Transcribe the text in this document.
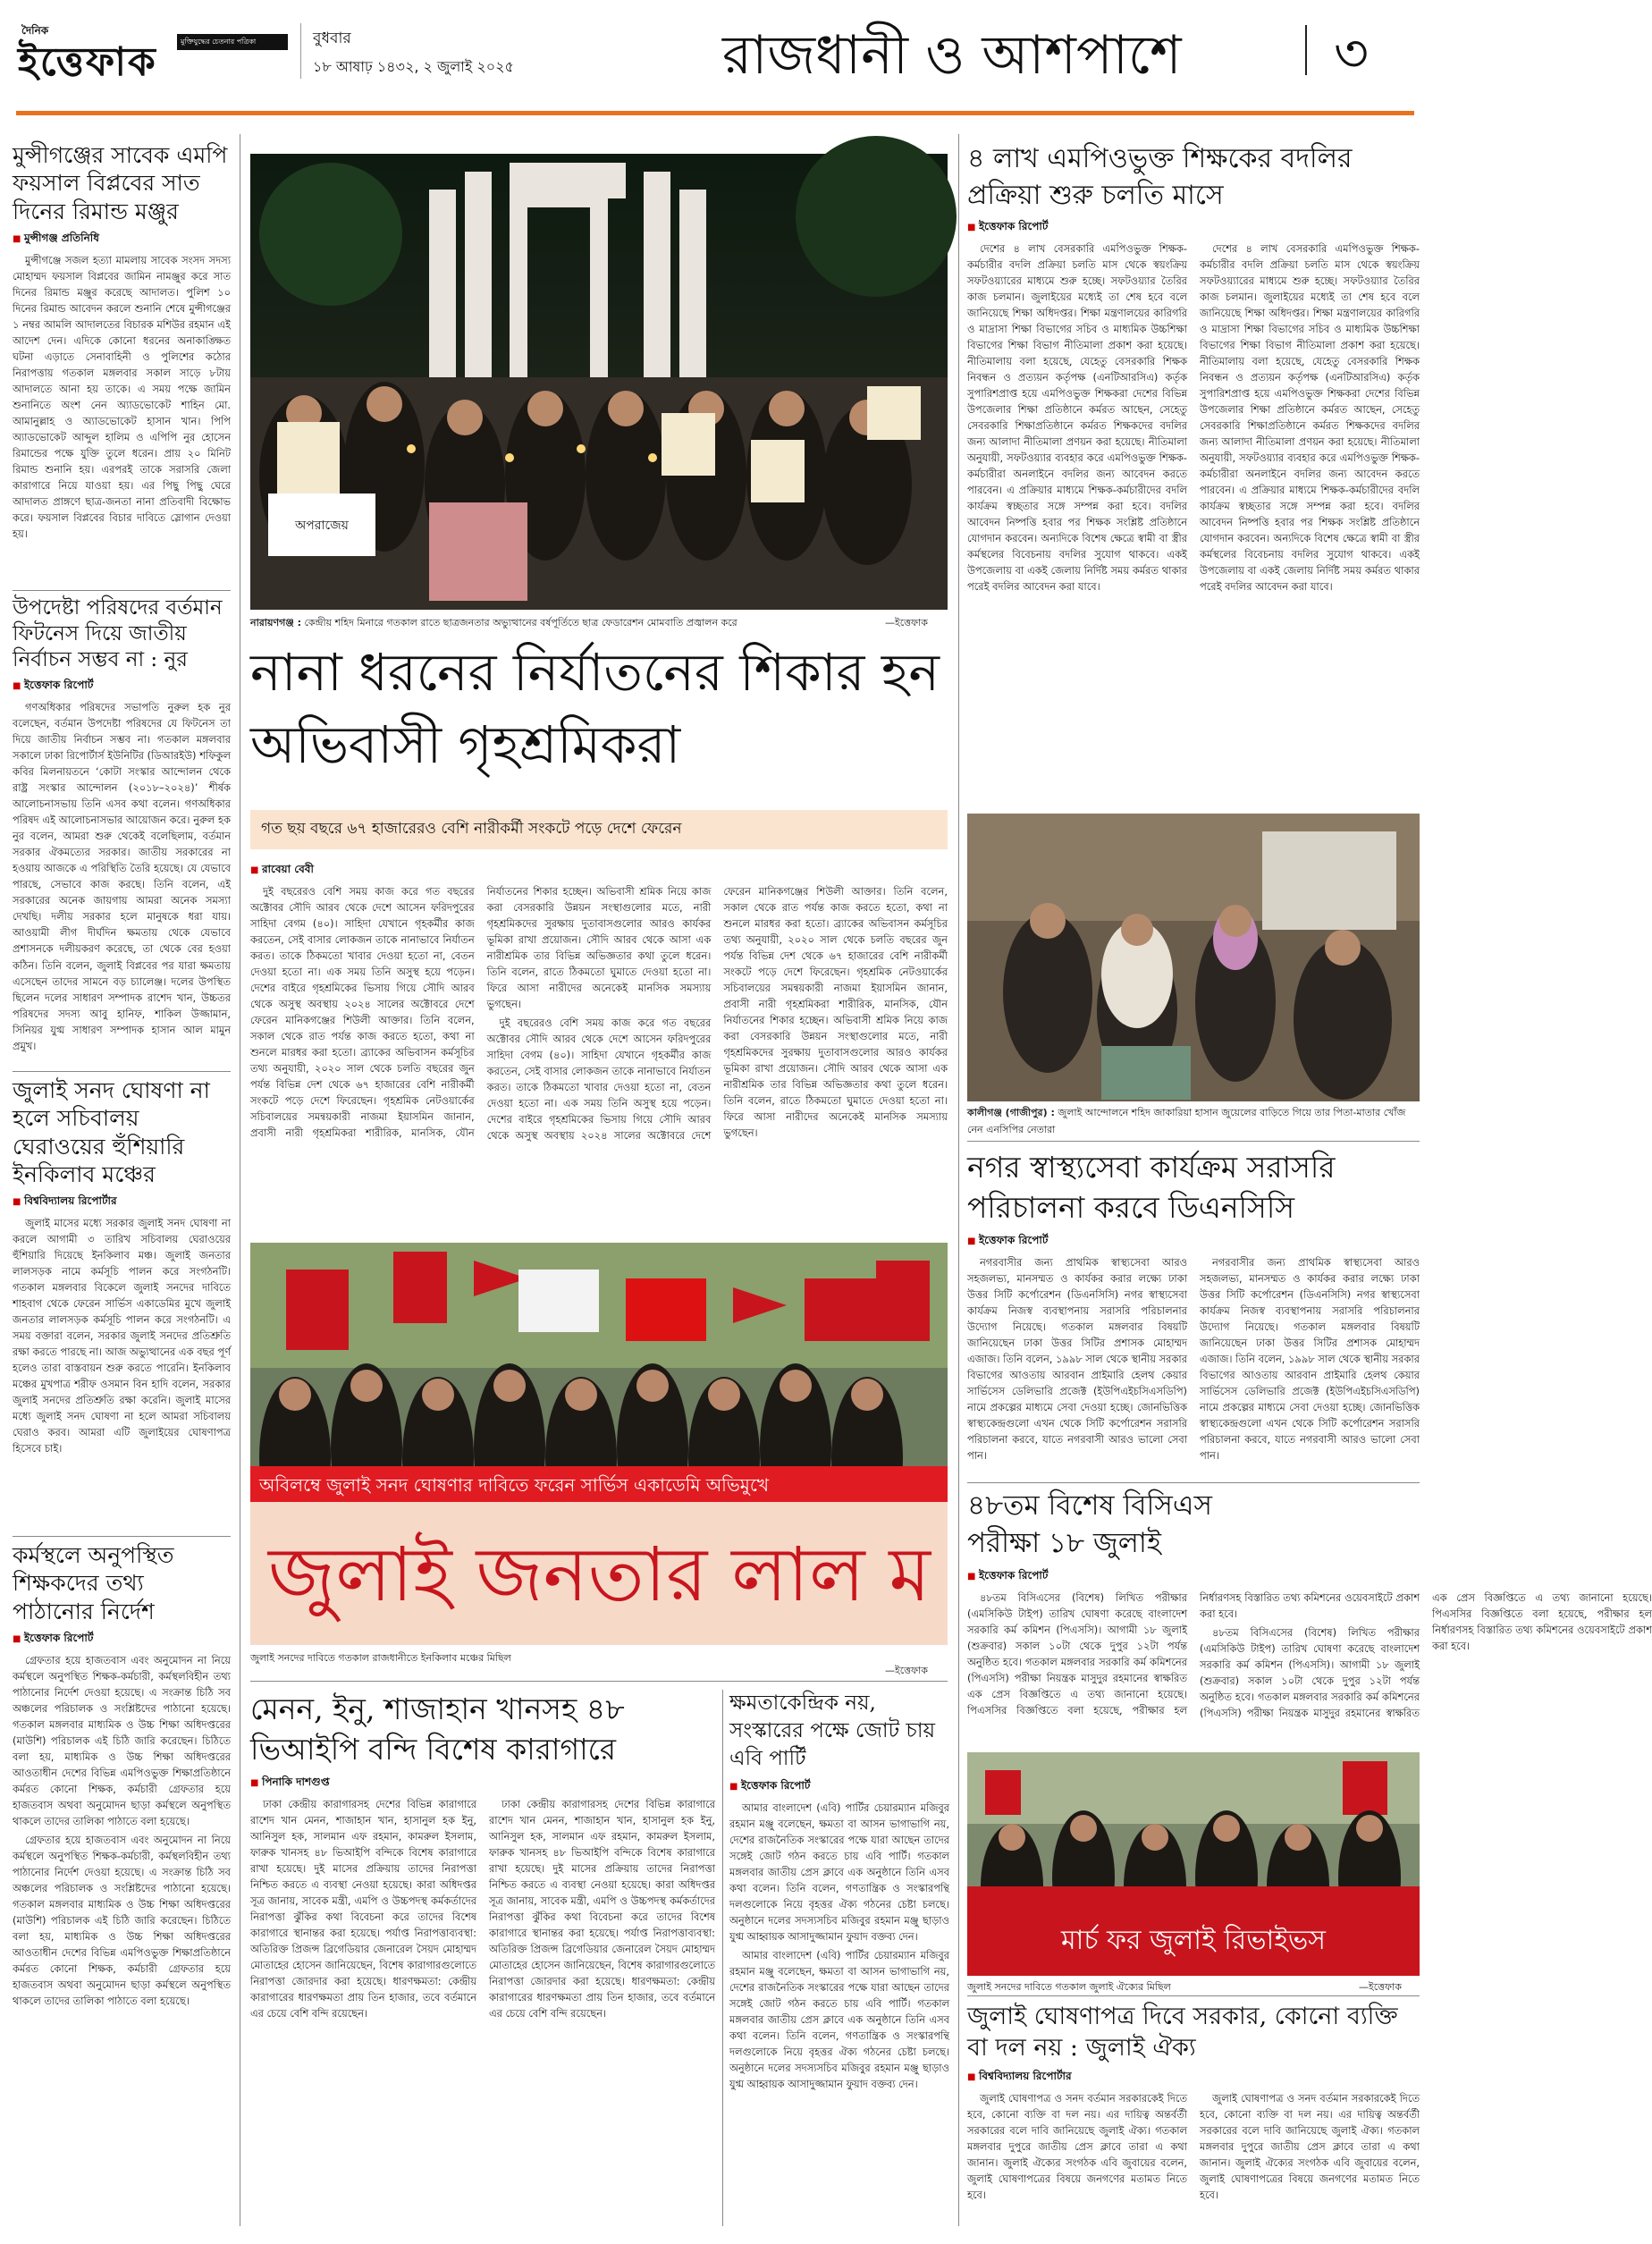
দৈনিক
ইত্তেফাক	মুক্তিযুদ্ধের চেতনার পত্রিকা	বুধবার
১৮ আষাঢ় ১৪৩২, ২ জুলাই ২০২৫	রাজধানী ও আশপাশে	৩
মুন্সীগঞ্জের সাবেক এমপি ফয়সাল বিপ্লবের সাত দিনের রিমান্ড মঞ্জুর
■ মুন্সীগঞ্জ প্রতিনিধি

মুন্সীগঞ্জে সজল হত্যা মামলায় সাবেক সংসদ সদস্য মোহাম্মদ ফয়সাল বিপ্লবের জামিন নামঞ্জুর করে সাত দিনের রিমান্ড মঞ্জুর করেছে আদালত। পুলিশ ১০ দিনের রিমান্ড আবেদন করলে শুনানি শেষে মুন্সীগঞ্জের ১ নম্বর আমলি আদালতের বিচারক মশিউর রহমান এই আদেশ দেন। এদিকে কোনো ধরনের অনাকাঙ্ক্ষিত ঘটনা এড়াতে সেনাবাহিনী ও পুলিশের কঠোর নিরাপত্তায় গতকাল মঙ্গলবার সকাল সাড়ে ৮টায় আদালতে আনা হয় তাকে। এ সময় পক্ষে জামিন শুনানিতে অংশ নেন অ্যাডভোকেট শাহিন মো. আমানুল্লাহ ও অ্যাডভোকেট হাসান খান। পিপি অ্যাডভোকেট আব্দুল হালিম ও এপিপি নুর হোসেন রিমান্ডের পক্ষে যুক্তি তুলে ধরেন। প্রায় ২০ মিনিট রিমান্ড শুনানি হয়। এরপরই তাকে সরাসরি জেলা কারাগারে নিয়ে যাওয়া হয়। এর পিছু পিছু ঘেরে আদালত প্রাঙ্গণে ছাত্র-জনতা নানা প্রতিবাদী বিক্ষোভ করে। ফয়সাল বিপ্লবের বিচার দাবিতে স্লোগান দেওয়া হয়।

উপদেষ্টা পরিষদের বর্তমান ফিটনেস দিয়ে জাতীয় নির্বাচন সম্ভব না : নুর
■ ইত্তেফাক রিপোর্ট

গণঅধিকার পরিষদের সভাপতি নুরুল হক নুর বলেছেন, বর্তমান উপদেষ্টা পরিষদের যে ফিটনেস তা দিয়ে জাতীয় নির্বাচন সম্ভব না। গতকাল মঙ্গলবার সকালে ঢাকা রিপোর্টার্স ইউনিটির (ডিআরইউ) শফিকুল কবির মিলনায়তনে ‘কোটা সংস্কার আন্দোলন থেকে রাষ্ট্র সংস্কার আন্দোলন (২০১৮–২০২৪)’ শীর্ষক আলোচনাসভায় তিনি এসব কথা বলেন। গণঅধিকার পরিষদ এই আলোচনাসভার আয়োজন করে। নুরুল হক নুর বলেন, আমরা শুরু থেকেই বলেছিলাম, বর্তমান সরকার ঐকমত্যের সরকার। জাতীয় সরকারের না হওয়ায় আজকে এ পরিস্থিতি তৈরি হয়েছে। যে যেভাবে পারছে, সেভাবে কাজ করছে। তিনি বলেন, এই সরকারের অনেক জায়গায় আমরা অনেক সমস্যা দেখছি। দলীয় সরকার হলে মানুষকে ধরা যায়। আওয়ামী লীগ দীর্ঘদিন ক্ষমতায় থেকে যেভাবে প্রশাসনকে দলীয়করণ করেছে, তা থেকে বের হওয়া কঠিন। তিনি বলেন, জুলাই বিপ্লবের পর যারা ক্ষমতায় এসেছেন তাদের সামনে বড় চ্যালেঞ্জ। দলের উপস্থিত ছিলেন দলের সাধারণ সম্পাদক রাশেদ খান, উচ্চতর পরিষদের সদস্য আবু হানিফ, শাকিল উজ্জামান, সিনিয়র যুগ্ম সাধারণ সম্পাদক হাসান আল মামুন প্রমুখ।

জুলাই সনদ ঘোষণা না হলে সচিবালয় ঘেরাওয়ের হুঁশিয়ারি ইনকিলাব মঞ্চের
■ বিশ্ববিদ্যালয় রিপোর্টার

জুলাই মাসের মধ্যে সরকার জুলাই সনদ ঘোষণা না করলে আগামী ৩ তারিখ সচিবালয় ঘেরাওয়ের হুঁশিয়ারি দিয়েছে ইনকিলাব মঞ্চ। জুলাই জনতার লালসড়ক নামে কর্মসূচি পালন করে সংগঠনটি। গতকাল মঙ্গলবার বিকেলে জুলাই সনদের দাবিতে শাহবাগ থেকে ফেরেন সার্ভিস একাডেমির মুখে জুলাই জনতার লালসড়ক কর্মসূচি পালন করে সংগঠনটি। এ সময় বক্তারা বলেন, সরকার জুলাই সনদের প্রতিশ্রুতি রক্ষা করতে পারছে না। আজ অভ্যুত্থানের এক বছর পূর্ণ হলেও তারা বাস্তবায়ন শুরু করতে পারেনি। ইনকিলাব মঞ্চের মুখপাত্র শরীফ ওসমান বিন হাদি বলেন, সরকার জুলাই সনদের প্রতিশ্রুতি রক্ষা করেনি। জুলাই মাসের মধ্যে জুলাই সনদ ঘোষণা না হলে আমরা সচিবালয় ঘেরাও করব। আমরা এটি জুলাইয়ের ঘোষণাপত্র হিসেবে চাই।

কর্মস্থলে অনুপস্থিত শিক্ষকদের তথ্য পাঠানোর নির্দেশ
■ ইত্তেফাক রিপোর্ট

গ্রেফতার হয়ে হাজতবাস এবং অনুমোদন না নিয়ে কর্মস্থলে অনুপস্থিত শিক্ষক-কর্মচারী, কর্মস্থলবিহীন তথ্য পাঠানোর নির্দেশ দেওয়া হয়েছে। এ সংক্রান্ত চিঠি সব অঞ্চলের পরিচালক ও সংশ্লিষ্টদের পাঠানো হয়েছে। গতকাল মঙ্গলবার মাধ্যমিক ও উচ্চ শিক্ষা অধিদপ্তরের (মাউশি) পরিচালক এই চিঠি জারি করেছেন। চিঠিতে বলা হয়, মাধ্যমিক ও উচ্চ শিক্ষা অধিদপ্তরের আওতাধীন দেশের বিভিন্ন এমপিওভুক্ত শিক্ষাপ্রতিষ্ঠানে কর্মরত কোনো শিক্ষক, কর্মচারী গ্রেফতার হয়ে হাজতবাস অথবা অনুমোদন ছাড়া কর্মস্থলে অনুপস্থিত থাকলে তাদের তালিকা পাঠাতে বলা হয়েছে।

গ্রেফতার হয়ে হাজতবাস এবং অনুমোদন না নিয়ে কর্মস্থলে অনুপস্থিত শিক্ষক-কর্মচারী, কর্মস্থলবিহীন তথ্য পাঠানোর নির্দেশ দেওয়া হয়েছে। এ সংক্রান্ত চিঠি সব অঞ্চলের পরিচালক ও সংশ্লিষ্টদের পাঠানো হয়েছে। গতকাল মঙ্গলবার মাধ্যমিক ও উচ্চ শিক্ষা অধিদপ্তরের (মাউশি) পরিচালক এই চিঠি জারি করেছেন। চিঠিতে বলা হয়, মাধ্যমিক ও উচ্চ শিক্ষা অধিদপ্তরের আওতাধীন দেশের বিভিন্ন এমপিওভুক্ত শিক্ষাপ্রতিষ্ঠানে কর্মরত কোনো শিক্ষক, কর্মচারী গ্রেফতার হয়ে হাজতবাস অথবা অনুমোদন ছাড়া কর্মস্থলে অনুপস্থিত থাকলে তাদের তালিকা পাঠাতে বলা হয়েছে।

অপরাজেয়
নারায়ণগঞ্জ : কেন্দ্রীয় শহিদ মিনারে গতকাল রাতে ছাত্রজনতার অভ্যুত্থানের বর্ষপূর্তিতে ছাত্র ফেডারেশন মোমবাতি প্রজ্বালন করে	—ইত্তেফাক
নানা ধরনের নির্যাতনের শিকার হন অভিবাসী গৃহশ্রমিকরা
গত ছয় বছরে ৬৭ হাজারেরও বেশি নারীকর্মী সংকটে পড়ে দেশে ফেরেন
■ রাবেয়া বেবী

দুই বছরেরও বেশি সময় কাজ করে গত বছরের অক্টোবর সৌদি আরব থেকে দেশে আসেন ফরিদপুরের সাহিদা বেগম (৪০)। সাহিদা যেখানে গৃহকর্মীর কাজ করতেন, সেই বাসার লোকজন তাকে নানাভাবে নির্যাতন করত। তাকে ঠিকমতো খাবার দেওয়া হতো না, বেতন দেওয়া হতো না। এক সময় তিনি অসুস্থ হয়ে পড়েন। দেশের বাইরে গৃহশ্রমিকের ভিসায় গিয়ে সৌদি আরব থেকে অসুস্থ অবস্থায় ২০২৪ সালের অক্টোবরে দেশে ফেরেন মানিকগঞ্জের শিউলী আক্তার। তিনি বলেন, সকাল থেকে রাত পর্যন্ত কাজ করতে হতো, কথা না শুনলে মারধর করা হতো। ব্র্যাকের অভিবাসন কর্মসূচির তথ্য অনুযায়ী, ২০২০ সাল থেকে চলতি বছরের জুন পর্যন্ত বিভিন্ন দেশ থেকে ৬৭ হাজারের বেশি নারীকর্মী সংকটে পড়ে দেশে ফিরেছেন। গৃহশ্রমিক নেটওয়ার্কের সচিবালয়ের সমন্বয়কারী নাজমা ইয়াসমিন জানান, প্রবাসী নারী গৃহশ্রমিকরা শারীরিক, মানসিক, যৌন নির্যাতনের শিকার হচ্ছেন। অভিবাসী শ্রমিক নিয়ে কাজ করা বেসরকারি উন্নয়ন সংস্থাগুলোর মতে, নারী গৃহশ্রমিকদের সুরক্ষায় দুতাবাসগুলোর আরও কার্যকর ভূমিকা রাখা প্রয়োজন। সৌদি আরব থেকে আসা এক নারীশ্রমিক তার বিভিন্ন অভিজ্ঞতার কথা তুলে ধরেন। তিনি বলেন, রাতে ঠিকমতো ঘুমাতে দেওয়া হতো না। ফিরে আসা নারীদের অনেকেই মানসিক সমস্যায় ভুগছেন।

দুই বছরেরও বেশি সময় কাজ করে গত বছরের অক্টোবর সৌদি আরব থেকে দেশে আসেন ফরিদপুরের সাহিদা বেগম (৪০)। সাহিদা যেখানে গৃহকর্মীর কাজ করতেন, সেই বাসার লোকজন তাকে নানাভাবে নির্যাতন করত। তাকে ঠিকমতো খাবার দেওয়া হতো না, বেতন দেওয়া হতো না। এক সময় তিনি অসুস্থ হয়ে পড়েন। দেশের বাইরে গৃহশ্রমিকের ভিসায় গিয়ে সৌদি আরব থেকে অসুস্থ অবস্থায় ২০২৪ সালের অক্টোবরে দেশে ফেরেন মানিকগঞ্জের শিউলী আক্তার। তিনি বলেন, সকাল থেকে রাত পর্যন্ত কাজ করতে হতো, কথা না শুনলে মারধর করা হতো। ব্র্যাকের অভিবাসন কর্মসূচির তথ্য অনুযায়ী, ২০২০ সাল থেকে চলতি বছরের জুন পর্যন্ত বিভিন্ন দেশ থেকে ৬৭ হাজারের বেশি নারীকর্মী সংকটে পড়ে দেশে ফিরেছেন। গৃহশ্রমিক নেটওয়ার্কের সচিবালয়ের সমন্বয়কারী নাজমা ইয়াসমিন জানান, প্রবাসী নারী গৃহশ্রমিকরা শারীরিক, মানসিক, যৌন নির্যাতনের শিকার হচ্ছেন। অভিবাসী শ্রমিক নিয়ে কাজ করা বেসরকারি উন্নয়ন সংস্থাগুলোর মতে, নারী গৃহশ্রমিকদের সুরক্ষায় দুতাবাসগুলোর আরও কার্যকর ভূমিকা রাখা প্রয়োজন। সৌদি আরব থেকে আসা এক নারীশ্রমিক তার বিভিন্ন অভিজ্ঞতার কথা তুলে ধরেন। তিনি বলেন, রাতে ঠিকমতো ঘুমাতে দেওয়া হতো না। ফিরে আসা নারীদের অনেকেই মানসিক সমস্যায় ভুগছেন।

অবিলম্বে জুলাই সনদ ঘোষণার দাবিতে ফরেন সার্ভিস একাডেমি অভিমুখে
জুলাই জনতার লাল ম
জুলাই সনদের দাবিতে গতকাল রাজধানীতে ইনকিলাব মঞ্চের মিছিল
—ইত্তেফাক
মেনন, ইনু, শাজাহান খানসহ ৪৮ ভিআইপি বন্দি বিশেষ কারাগারে
■ পিনাকি দাশগুপ্ত

ঢাকা কেন্দ্রীয় কারাগারসহ দেশের বিভিন্ন কারাগারে রাশেদ খান মেনন, শাজাহান খান, হাসানুল হক ইনু, আনিসুল হক, সালমান এফ রহমান, কামরুল ইসলাম, ফারুক খানসহ ৪৮ ভিআইপি বন্দিকে বিশেষ কারাগারে রাখা হয়েছে। দুই মাসের প্রক্রিয়ায় তাদের নিরাপত্তা নিশ্চিত করতে এ ব্যবস্থা নেওয়া হয়েছে। কারা অধিদপ্তর সূত্র জানায়, সাবেক মন্ত্রী, এমপি ও উচ্চপদস্থ কর্মকর্তাদের নিরাপত্তা ঝুঁকির কথা বিবেচনা করে তাদের বিশেষ কারাগারে স্থানান্তর করা হয়েছে। পর্যাপ্ত নিরাপত্তাব্যবস্থা: অতিরিক্ত প্রিজন্স ব্রিগেডিয়ার জেনারেল সৈয়দ মোহাম্মদ মোতাহের হোসেন জানিয়েছেন, বিশেষ কারাগারগুলোতে নিরাপত্তা জোরদার করা হয়েছে। ধারণক্ষমতা: কেন্দ্রীয় কারাগারের ধারণক্ষমতা প্রায় তিন হাজার, তবে বর্তমানে এর চেয়ে বেশি বন্দি রয়েছেন।

ঢাকা কেন্দ্রীয় কারাগারসহ দেশের বিভিন্ন কারাগারে রাশেদ খান মেনন, শাজাহান খান, হাসানুল হক ইনু, আনিসুল হক, সালমান এফ রহমান, কামরুল ইসলাম, ফারুক খানসহ ৪৮ ভিআইপি বন্দিকে বিশেষ কারাগারে রাখা হয়েছে। দুই মাসের প্রক্রিয়ায় তাদের নিরাপত্তা নিশ্চিত করতে এ ব্যবস্থা নেওয়া হয়েছে। কারা অধিদপ্তর সূত্র জানায়, সাবেক মন্ত্রী, এমপি ও উচ্চপদস্থ কর্মকর্তাদের নিরাপত্তা ঝুঁকির কথা বিবেচনা করে তাদের বিশেষ কারাগারে স্থানান্তর করা হয়েছে। পর্যাপ্ত নিরাপত্তাব্যবস্থা: অতিরিক্ত প্রিজন্স ব্রিগেডিয়ার জেনারেল সৈয়দ মোহাম্মদ মোতাহের হোসেন জানিয়েছেন, বিশেষ কারাগারগুলোতে নিরাপত্তা জোরদার করা হয়েছে। ধারণক্ষমতা: কেন্দ্রীয় কারাগারের ধারণক্ষমতা প্রায় তিন হাজার, তবে বর্তমানে এর চেয়ে বেশি বন্দি রয়েছেন।

ক্ষমতাকেন্দ্রিক নয়, সংস্কারের পক্ষে জোট চায় এবি পার্টি
■ ইত্তেফাক রিপোর্ট

আমার বাংলাদেশ (এবি) পার্টির চেয়ারম্যান মজিবুর রহমান মঞ্জু বলেছেন, ক্ষমতা বা আসন ভাগাভাগি নয়, দেশের রাজনৈতিক সংস্কারের পক্ষে যারা আছেন তাদের সঙ্গেই জোট গঠন করতে চায় এবি পার্টি। গতকাল মঙ্গলবার জাতীয় প্রেস ক্লাবে এক অনুষ্ঠানে তিনি এসব কথা বলেন। তিনি বলেন, গণতান্ত্রিক ও সংস্কারপন্থি দলগুলোকে নিয়ে বৃহত্তর ঐক্য গঠনের চেষ্টা চলছে। অনুষ্ঠানে দলের সদস্যসচিব মজিবুর রহমান মঞ্জু ছাড়াও যুগ্ম আহ্বায়ক আসাদুজ্জামান ফুয়াদ বক্তব্য দেন।

আমার বাংলাদেশ (এবি) পার্টির চেয়ারম্যান মজিবুর রহমান মঞ্জু বলেছেন, ক্ষমতা বা আসন ভাগাভাগি নয়, দেশের রাজনৈতিক সংস্কারের পক্ষে যারা আছেন তাদের সঙ্গেই জোট গঠন করতে চায় এবি পার্টি। গতকাল মঙ্গলবার জাতীয় প্রেস ক্লাবে এক অনুষ্ঠানে তিনি এসব কথা বলেন। তিনি বলেন, গণতান্ত্রিক ও সংস্কারপন্থি দলগুলোকে নিয়ে বৃহত্তর ঐক্য গঠনের চেষ্টা চলছে। অনুষ্ঠানে দলের সদস্যসচিব মজিবুর রহমান মঞ্জু ছাড়াও যুগ্ম আহ্বায়ক আসাদুজ্জামান ফুয়াদ বক্তব্য দেন।

৪ লাখ এমপিওভুক্ত শিক্ষকের বদলির প্রক্রিয়া শুরু চলতি মাসে
■ ইত্তেফাক রিপোর্ট

দেশের ৪ লাখ বেসরকারি এমপিওভুক্ত শিক্ষক-কর্মচারীর বদলি প্রক্রিয়া চলতি মাস থেকে স্বয়ংক্রিয় সফটওয়্যারের মাধ্যমে শুরু হচ্ছে। সফটওয়্যার তৈরির কাজ চলমান। জুলাইয়ের মধ্যেই তা শেষ হবে বলে জানিয়েছে শিক্ষা অধিদপ্তর। শিক্ষা মন্ত্রণালয়ের কারিগরি ও মাদ্রাসা শিক্ষা বিভাগের সচিব ও মাধ্যমিক উচ্চশিক্ষা বিভাগের শিক্ষা বিভাগ নীতিমালা প্রকাশ করা হয়েছে। নীতিমালায় বলা হয়েছে, যেহেতু বেসরকারি শিক্ষক নিবন্ধন ও প্রত্যয়ন কর্তৃপক্ষ (এনটিআরসিএ) কর্তৃক সুপারিশপ্রাপ্ত হয়ে এমপিওভুক্ত শিক্ষকরা দেশের বিভিন্ন উপজেলার শিক্ষা প্রতিষ্ঠানে কর্মরত আছেন, সেহেতু সেবরকারি শিক্ষাপ্রতিষ্ঠানে কর্মরত শিক্ষকদের বদলির জন্য আলাদা নীতিমালা প্রণয়ন করা হয়েছে। নীতিমালা অনুযায়ী, সফটওয়্যার ব্যবহার করে এমপিওভুক্ত শিক্ষক-কর্মচারীরা অনলাইনে বদলির জন্য আবেদন করতে পারবেন। এ প্রক্রিয়ার মাধ্যমে শিক্ষক-কর্মচারীদের বদলি কার্যক্রম স্বচ্ছতার সঙ্গে সম্পন্ন করা হবে। বদলির আবেদন নিষ্পত্তি হবার পর শিক্ষক সংশ্লিষ্ট প্রতিষ্ঠানে যোগদান করবেন। অন্যদিকে বিশেষ ক্ষেত্রে স্বামী বা স্ত্রীর কর্মস্থলের বিবেচনায় বদলির সুযোগ থাকবে। একই উপজেলায় বা একই জেলায় নির্দিষ্ট সময় কর্মরত থাকার পরেই বদলির আবেদন করা যাবে।

দেশের ৪ লাখ বেসরকারি এমপিওভুক্ত শিক্ষক-কর্মচারীর বদলি প্রক্রিয়া চলতি মাস থেকে স্বয়ংক্রিয় সফটওয়্যারের মাধ্যমে শুরু হচ্ছে। সফটওয়্যার তৈরির কাজ চলমান। জুলাইয়ের মধ্যেই তা শেষ হবে বলে জানিয়েছে শিক্ষা অধিদপ্তর। শিক্ষা মন্ত্রণালয়ের কারিগরি ও মাদ্রাসা শিক্ষা বিভাগের সচিব ও মাধ্যমিক উচ্চশিক্ষা বিভাগের শিক্ষা বিভাগ নীতিমালা প্রকাশ করা হয়েছে। নীতিমালায় বলা হয়েছে, যেহেতু বেসরকারি শিক্ষক নিবন্ধন ও প্রত্যয়ন কর্তৃপক্ষ (এনটিআরসিএ) কর্তৃক সুপারিশপ্রাপ্ত হয়ে এমপিওভুক্ত শিক্ষকরা দেশের বিভিন্ন উপজেলার শিক্ষা প্রতিষ্ঠানে কর্মরত আছেন, সেহেতু সেবরকারি শিক্ষাপ্রতিষ্ঠানে কর্মরত শিক্ষকদের বদলির জন্য আলাদা নীতিমালা প্রণয়ন করা হয়েছে। নীতিমালা অনুযায়ী, সফটওয়্যার ব্যবহার করে এমপিওভুক্ত শিক্ষক-কর্মচারীরা অনলাইনে বদলির জন্য আবেদন করতে পারবেন। এ প্রক্রিয়ার মাধ্যমে শিক্ষক-কর্মচারীদের বদলি কার্যক্রম স্বচ্ছতার সঙ্গে সম্পন্ন করা হবে। বদলির আবেদন নিষ্পত্তি হবার পর শিক্ষক সংশ্লিষ্ট প্রতিষ্ঠানে যোগদান করবেন। অন্যদিকে বিশেষ ক্ষেত্রে স্বামী বা স্ত্রীর কর্মস্থলের বিবেচনায় বদলির সুযোগ থাকবে। একই উপজেলায় বা একই জেলায় নির্দিষ্ট সময় কর্মরত থাকার পরেই বদলির আবেদন করা যাবে।

কালীগঞ্জ (গাজীপুর) : জুলাই আন্দোলনে শহিদ জাকারিয়া হাসান জুয়েলের বাড়িতে গিয়ে তার পিতা-মাতার খোঁজ নেন এনসিপির নেতারা
নগর স্বাস্থ্যসেবা কার্যক্রম সরাসরি পরিচালনা করবে ডিএনসিসি
■ ইত্তেফাক রিপোর্ট

নগরবাসীর জন্য প্রাথমিক স্বাস্থ্যসেবা আরও সহজলভ্য, মানসম্মত ও কার্যকর করার লক্ষ্যে ঢাকা উত্তর সিটি কর্পোরেশন (ডিএনসিসি) নগর স্বাস্থ্যসেবা কার্যক্রম নিজস্ব ব্যবস্থাপনায় সরাসরি পরিচালনার উদ্যোগ নিয়েছে। গতকাল মঙ্গলবার বিষয়টি জানিয়েছেন ঢাকা উত্তর সিটির প্রশাসক মোহাম্মদ এজাজ। তিনি বলেন, ১৯৯৮ সাল থেকে স্থানীয় সরকার বিভাগের আওতায় আরবান প্রাইমারি হেলথ কেয়ার সার্ভিসেস ডেলিভারি প্রজেক্ট (ইউপিএইচসিএসডিপি) নামে প্রকল্পের মাধ্যমে সেবা দেওয়া হচ্ছে। জোনভিত্তিক স্বাস্থ্যকেন্দ্রগুলো এখন থেকে সিটি কর্পোরেশন সরাসরি পরিচালনা করবে, যাতে নগরবাসী আরও ভালো সেবা পান।

নগরবাসীর জন্য প্রাথমিক স্বাস্থ্যসেবা আরও সহজলভ্য, মানসম্মত ও কার্যকর করার লক্ষ্যে ঢাকা উত্তর সিটি কর্পোরেশন (ডিএনসিসি) নগর স্বাস্থ্যসেবা কার্যক্রম নিজস্ব ব্যবস্থাপনায় সরাসরি পরিচালনার উদ্যোগ নিয়েছে। গতকাল মঙ্গলবার বিষয়টি জানিয়েছেন ঢাকা উত্তর সিটির প্রশাসক মোহাম্মদ এজাজ। তিনি বলেন, ১৯৯৮ সাল থেকে স্থানীয় সরকার বিভাগের আওতায় আরবান প্রাইমারি হেলথ কেয়ার সার্ভিসেস ডেলিভারি প্রজেক্ট (ইউপিএইচসিএসডিপি) নামে প্রকল্পের মাধ্যমে সেবা দেওয়া হচ্ছে। জোনভিত্তিক স্বাস্থ্যকেন্দ্রগুলো এখন থেকে সিটি কর্পোরেশন সরাসরি পরিচালনা করবে, যাতে নগরবাসী আরও ভালো সেবা পান।

৪৮তম বিশেষ বিসিএস পরীক্ষা ১৮ জুলাই
■ ইত্তেফাক রিপোর্ট

৪৮তম বিসিএসের (বিশেষ) লিখিত পরীক্ষার (এমসিকিউ টাইপ) তারিখ ঘোষণা করেছে বাংলাদেশ সরকারি কর্ম কমিশন (পিএসসি)। আগামী ১৮ জুলাই (শুক্রবার) সকাল ১০টা থেকে দুপুর ১২টা পর্যন্ত অনুষ্ঠিত হবে। গতকাল মঙ্গলবার সরকারি কর্ম কমিশনের (পিএসসি) পরীক্ষা নিয়ন্ত্রক মাসুদুর রহমানের স্বাক্ষরিত এক প্রেস বিজ্ঞপ্তিতে এ তথ্য জানানো হয়েছে। পিএসসির বিজ্ঞপ্তিতে বলা হয়েছে, পরীক্ষার হল নির্ধারণসহ বিস্তারিত তথ্য কমিশনের ওয়েবসাইটে প্রকাশ করা হবে।

৪৮তম বিসিএসের (বিশেষ) লিখিত পরীক্ষার (এমসিকিউ টাইপ) তারিখ ঘোষণা করেছে বাংলাদেশ সরকারি কর্ম কমিশন (পিএসসি)। আগামী ১৮ জুলাই (শুক্রবার) সকাল ১০টা থেকে দুপুর ১২টা পর্যন্ত অনুষ্ঠিত হবে। গতকাল মঙ্গলবার সরকারি কর্ম কমিশনের (পিএসসি) পরীক্ষা নিয়ন্ত্রক মাসুদুর রহমানের স্বাক্ষরিত এক প্রেস বিজ্ঞপ্তিতে এ তথ্য জানানো হয়েছে। পিএসসির বিজ্ঞপ্তিতে বলা হয়েছে, পরীক্ষার হল নির্ধারণসহ বিস্তারিত তথ্য কমিশনের ওয়েবসাইটে প্রকাশ করা হবে।

মার্চ ফর জুলাই রিভাইভস
জুলাই সনদের দাবিতে গতকাল জুলাই ঐক্যের মিছিল	—ইত্তেফাক
জুলাই ঘোষণাপত্র দিবে সরকার, কোনো ব্যক্তি বা দল নয় : জুলাই ঐক্য
■ বিশ্ববিদ্যালয় রিপোর্টার

জুলাই ঘোষণাপত্র ও সনদ বর্তমান সরকারকেই দিতে হবে, কোনো ব্যক্তি বা দল নয়। এর দায়িত্ব অন্তর্বর্তী সরকারের বলে দাবি জানিয়েছে জুলাই ঐক্য। গতকাল মঙ্গলবার দুপুরে জাতীয় প্রেস ক্লাবে তারা এ কথা জানান। জুলাই ঐক্যের সংগঠক এবি জুবায়ের বলেন, জুলাই ঘোষণাপত্রের বিষয়ে জনগণের মতামত নিতে হবে।

জুলাই ঘোষণাপত্র ও সনদ বর্তমান সরকারকেই দিতে হবে, কোনো ব্যক্তি বা দল নয়। এর দায়িত্ব অন্তর্বর্তী সরকারের বলে দাবি জানিয়েছে জুলাই ঐক্য। গতকাল মঙ্গলবার দুপুরে জাতীয় প্রেস ক্লাবে তারা এ কথা জানান। জুলাই ঐক্যের সংগঠক এবি জুবায়ের বলেন, জুলাই ঘোষণাপত্রের বিষয়ে জনগণের মতামত নিতে হবে।
